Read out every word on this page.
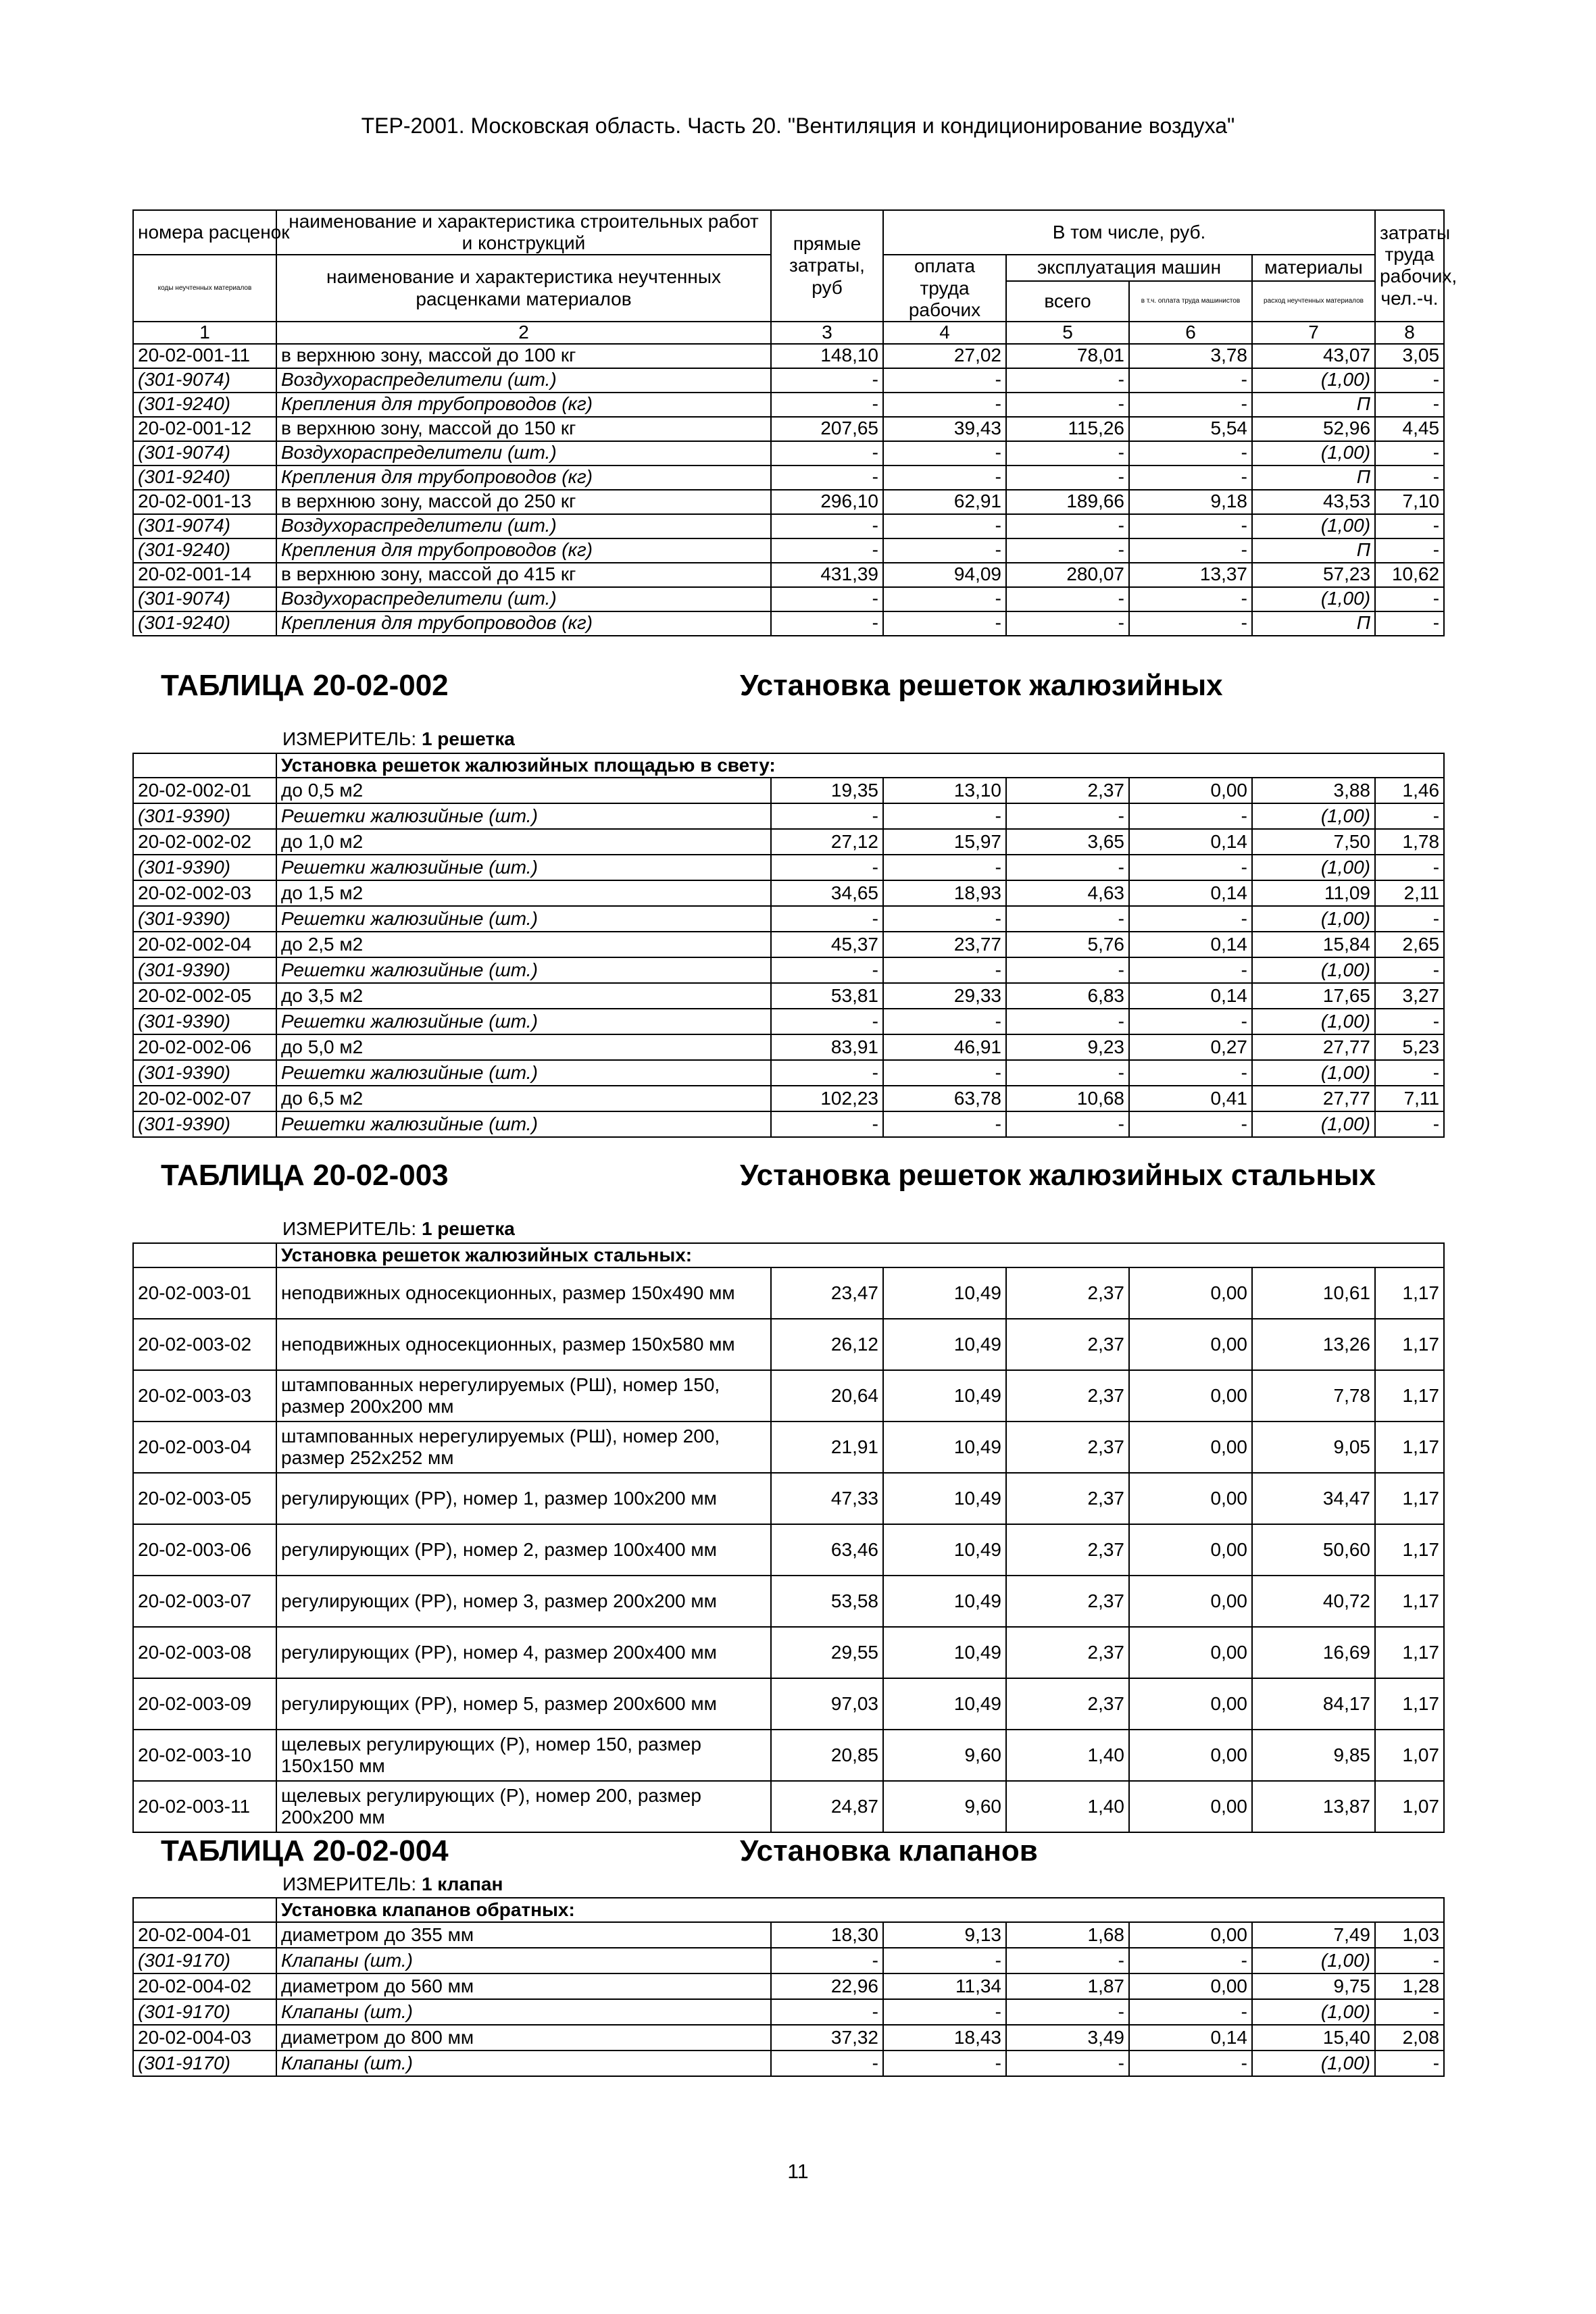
ТЕР-2001. Московская область. Часть 20. "Вентиляция и кондиционирование воздуха"
номера расценок	наименование и характеристика строительных работ и конструкций	прямые затраты, руб	В том числе, руб.				затраты труда рабочих, чел.-ч.
коды неучтенных материалов	наименование и характеристика неучтенных расценками материалов		оплата труда рабочих	эксплуатация машин		материалы	
				всего	в т.ч. оплата труда машинистов	расход неучтенных материалов	
1	2	3	4	5	6	7	8
20-02-001-11	в верхнюю зону, массой до 100 кг	148,10	27,02	78,01	3,78	43,07	3,05
(301-9074)	Воздухораспределители (шт.)	-	-	-	-	(1,00)	-
(301-9240)	Крепления для трубопроводов (кг)	-	-	-	-	П	-
20-02-001-12	в верхнюю зону, массой до 150 кг	207,65	39,43	115,26	5,54	52,96	4,45
(301-9074)	Воздухораспределители (шт.)	-	-	-	-	(1,00)	-
(301-9240)	Крепления для трубопроводов (кг)	-	-	-	-	П	-
20-02-001-13	в верхнюю зону, массой до 250 кг	296,10	62,91	189,66	9,18	43,53	7,10
(301-9074)	Воздухораспределители (шт.)	-	-	-	-	(1,00)	-
(301-9240)	Крепления для трубопроводов (кг)	-	-	-	-	П	-
20-02-001-14	в верхнюю зону, массой до 415 кг	431,39	94,09	280,07	13,37	57,23	10,62
(301-9074)	Воздухораспределители (шт.)	-	-	-	-	(1,00)	-
(301-9240)	Крепления для трубопроводов (кг)	-	-	-	-	П	-
ТАБЛИЦА 20-02-002	Установка решеток жалюзийных
ИЗМЕРИТЕЛЬ: 1 решетка
	Установка решеток жалюзийных площадью в свету:						
20-02-002-01	до 0,5 м2	19,35	13,10	2,37	0,00	3,88	1,46
(301-9390)	Решетки жалюзийные (шт.)	-	-	-	-	(1,00)	-
20-02-002-02	до 1,0 м2	27,12	15,97	3,65	0,14	7,50	1,78
(301-9390)	Решетки жалюзийные (шт.)	-	-	-	-	(1,00)	-
20-02-002-03	до 1,5 м2	34,65	18,93	4,63	0,14	11,09	2,11
(301-9390)	Решетки жалюзийные (шт.)	-	-	-	-	(1,00)	-
20-02-002-04	до 2,5 м2	45,37	23,77	5,76	0,14	15,84	2,65
(301-9390)	Решетки жалюзийные (шт.)	-	-	-	-	(1,00)	-
20-02-002-05	до 3,5 м2	53,81	29,33	6,83	0,14	17,65	3,27
(301-9390)	Решетки жалюзийные (шт.)	-	-	-	-	(1,00)	-
20-02-002-06	до 5,0 м2	83,91	46,91	9,23	0,27	27,77	5,23
(301-9390)	Решетки жалюзийные (шт.)	-	-	-	-	(1,00)	-
20-02-002-07	до 6,5 м2	102,23	63,78	10,68	0,41	27,77	7,11
(301-9390)	Решетки жалюзийные (шт.)	-	-	-	-	(1,00)	-
ТАБЛИЦА 20-02-003	Установка решеток жалюзийных стальных
ИЗМЕРИТЕЛЬ: 1 решетка
	Установка решеток жалюзийных стальных:						
20-02-003-01	неподвижных односекционных, размер 150x490 мм	23,47	10,49	2,37	0,00	10,61	1,17
20-02-003-02	неподвижных односекционных, размер 150x580 мм	26,12	10,49	2,37	0,00	13,26	1,17
20-02-003-03	штампованных нерегулируемых (РШ), номер 150, размер 200x200 мм	20,64	10,49	2,37	0,00	7,78	1,17
20-02-003-04	штампованных нерегулируемых (РШ), номер 200, размер 252x252 мм	21,91	10,49	2,37	0,00	9,05	1,17
20-02-003-05	регулирующих (РР), номер 1, размер 100x200 мм	47,33	10,49	2,37	0,00	34,47	1,17
20-02-003-06	регулирующих (РР), номер 2, размер 100x400 мм	63,46	10,49	2,37	0,00	50,60	1,17
20-02-003-07	регулирующих (РР), номер 3, размер 200x200 мм	53,58	10,49	2,37	0,00	40,72	1,17
20-02-003-08	регулирующих (РР), номер 4, размер 200x400 мм	29,55	10,49	2,37	0,00	16,69	1,17
20-02-003-09	регулирующих (РР), номер 5, размер 200x600 мм	97,03	10,49	2,37	0,00	84,17	1,17
20-02-003-10	щелевых регулирующих (Р), номер 150, размер 150x150 мм	20,85	9,60	1,40	0,00	9,85	1,07
20-02-003-11	щелевых регулирующих (Р), номер 200, размер 200x200 мм	24,87	9,60	1,40	0,00	13,87	1,07
ТАБЛИЦА 20-02-004	Установка клапанов
ИЗМЕРИТЕЛЬ: 1 клапан
	Установка клапанов обратных:						
20-02-004-01	диаметром до 355 мм	18,30	9,13	1,68	0,00	7,49	1,03
(301-9170)	Клапаны (шт.)	-	-	-	-	(1,00)	-
20-02-004-02	диаметром до 560 мм	22,96	11,34	1,87	0,00	9,75	1,28
(301-9170)	Клапаны (шт.)	-	-	-	-	(1,00)	-
20-02-004-03	диаметром до 800 мм	37,32	18,43	3,49	0,14	15,40	2,08
(301-9170)	Клапаны (шт.)	-	-	-	-	(1,00)	-
11
